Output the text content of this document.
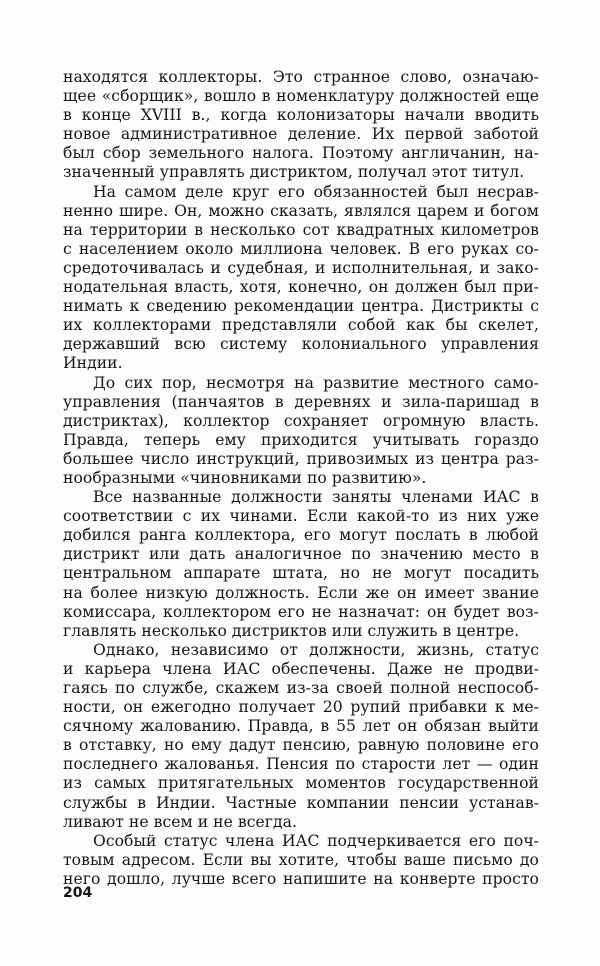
находятся коллекторы. Это странное слово, означаю-
щее «сборщик», вошло в номенклатуру должностей еще
в конце XVIII в., когда колонизаторы начали вводить
новое административное деление. Их первой заботой
был сбор земельного налога. Поэтому англичанин, на-
значенный управлять дистриктом, получал этот титул.
На самом деле круг его обязанностей был несрав-
ненно шире. Он, можно сказать, являлся царем и богом
на территории в несколько сот квадратных километров
с населением около миллиона человек. В его руках со-
средоточивалась и судебная, и исполнительная, и зако-
нодательная власть, хотя, конечно, он должен был при-
нимать к сведению рекомендации центра. Дистрикты с
их коллекторами представляли собой как бы скелет,
державший всю систему колониального управления
Индии.
До сих пор, несмотря на развитие местного само-
управления (панчаятов в деревнях и зила-паришад в
дистриктах), коллектор сохраняет огромную власть.
Правда, теперь ему приходится учитывать гораздо
большее число инструкций, привозимых из центра раз-
нообразными «чиновниками по развитию».
Все названные должности заняты членами ИАС в
соответствии с их чинами. Если какой-то из них уже
добился ранга коллектора, его могут послать в любой
дистрикт или дать аналогичное по значению место в
центральном аппарате штата, но не могут посадить
на более низкую должность. Если же он имеет звание
комиссара, коллектором его не назначат: он будет воз-
главлять несколько дистриктов или служить в центре.
Однако, независимо от должности, жизнь, статус
и карьера члена ИАС обеспечены. Даже не продви-
гаясь по службе, скажем из-за своей полной неспособ-
ности, он ежегодно получает 20 рупий прибавки к ме-
сячному жалованию. Правда, в 55 лет он обязан выйти
в отставку, но ему дадут пенсию, равную половине его
последнего жалованья. Пенсия по старости лет — один
из самых притягательных моментов государственной
службы в Индии. Частные компании пенсии устанав-
ливают не всем и не всегда.
Особый статус члена ИАС подчеркивается его поч-
товым адресом. Если вы хотите, чтобы ваше письмо до
него дошло, лучше всего напишите на конверте просто
204
